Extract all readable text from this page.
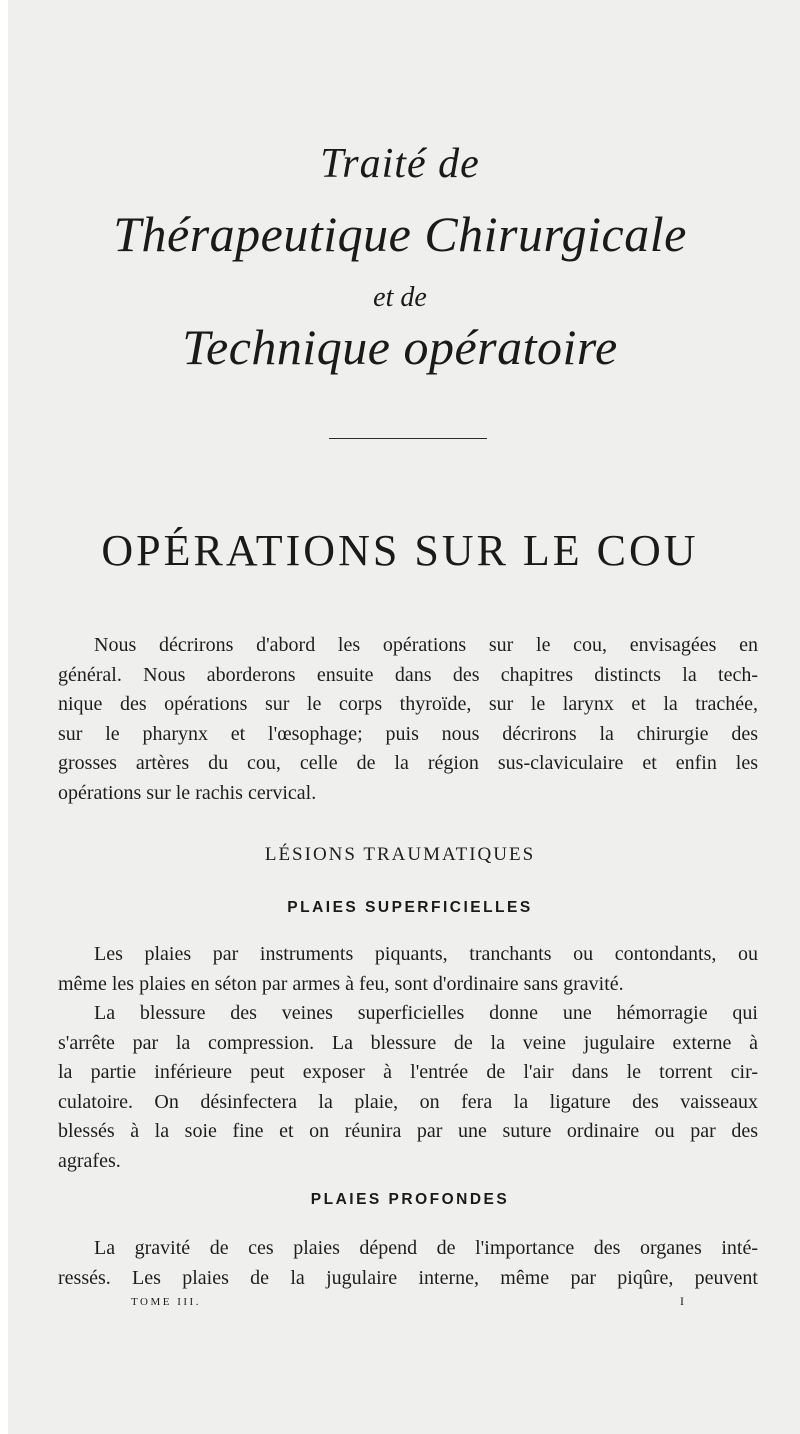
Traité de
Thérapeutique Chirurgicale
et de
Technique opératoire
OPÉRATIONS SUR LE COU
Nous décrirons d'abord les opérations sur le cou, envisagées en
général. Nous aborderons ensuite dans des chapitres distincts la tech-
nique des opérations sur le corps thyroïde, sur le larynx et la trachée,
sur le pharynx et l'œsophage; puis nous décrirons la chirurgie des
grosses artères du cou, celle de la région sus-claviculaire et enfin les
opérations sur le rachis cervical.
LÉSIONS TRAUMATIQUES
PLAIES SUPERFICIELLES
Les plaies par instruments piquants, tranchants ou contondants, ou
même les plaies en séton par armes à feu, sont d'ordinaire sans gravité.
La blessure des veines superficielles donne une hémorragie qui
s'arrête par la compression. La blessure de la veine jugulaire externe à
la partie inférieure peut exposer à l'entrée de l'air dans le torrent cir-
culatoire. On désinfectera la plaie, on fera la ligature des vaisseaux
blessés à la soie fine et on réunira par une suture ordinaire ou par des
agrafes.
PLAIES PROFONDES
La gravité de ces plaies dépend de l'importance des organes inté-
ressés. Les plaies de la jugulaire interne, même par piqûre, peuvent
TOME III.	I
